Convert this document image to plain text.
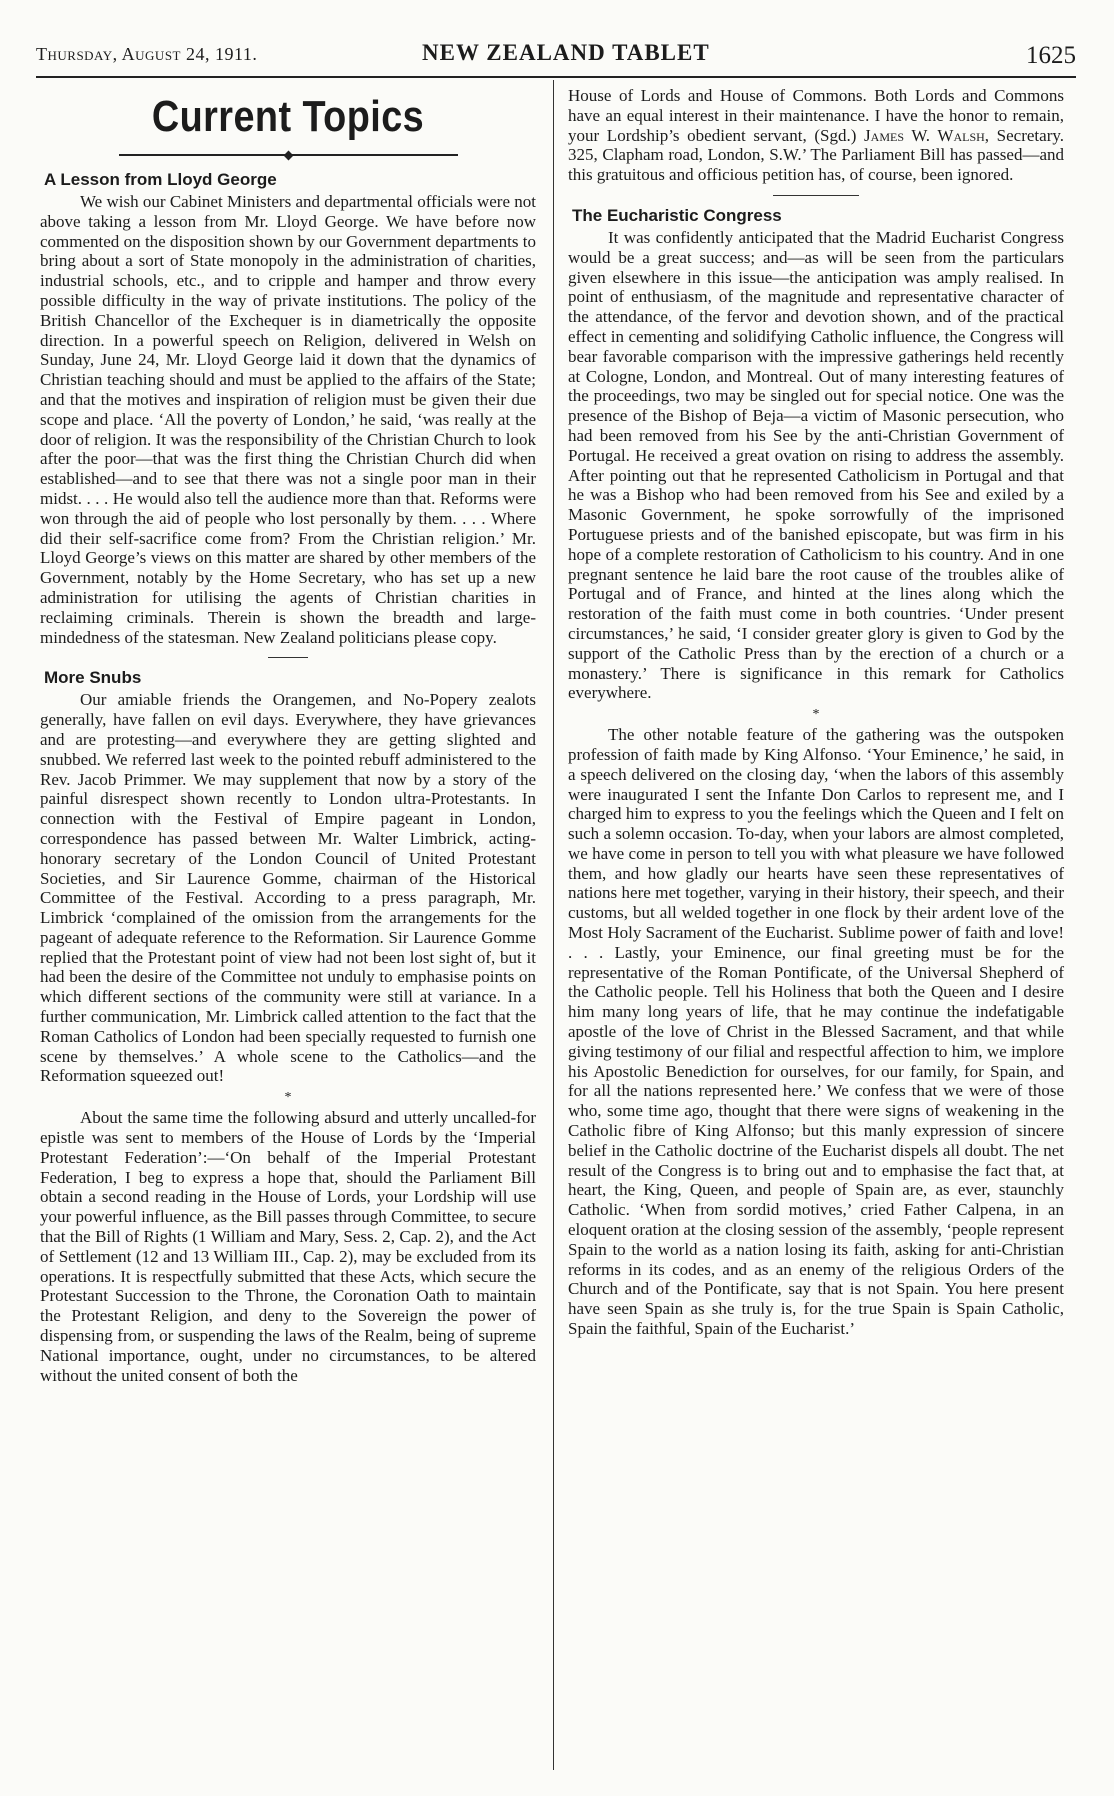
Thursday, August 24, 1911.	NEW ZEALAND TABLET	1625
Current Topics
A Lesson from Lloyd George

We wish our Cabinet Ministers and departmental officials were not above taking a lesson from Mr. Lloyd George. We have before now commented on the disposition shown by our Government departments to bring about a sort of State monopoly in the administration of charities, industrial schools, etc., and to cripple and hamper and throw every possible difficulty in the way of private institutions. The policy of the British Chancellor of the Exchequer is in diametrically the opposite direction. In a powerful speech on Religion, delivered in Welsh on Sunday, June 24, Mr. Lloyd George laid it down that the dynamics of Christian teaching should and must be applied to the affairs of the State; and that the motives and inspiration of religion must be given their due scope and place. ‘All the poverty of London,’ he said, ‘was really at the door of religion. It was the responsibility of the Christian Church to look after the poor—that was the first thing the Christian Church did when established—and to see that there was not a single poor man in their midst. . . . He would also tell the audience more than that. Reforms were won through the aid of people who lost personally by them. . . . Where did their self-sacrifice come from? From the Christian religion.’ Mr. Lloyd George’s views on this matter are shared by other members of the Government, notably by the Home Secretary, who has set up a new administration for utilising the agents of Christian charities in reclaiming criminals. Therein is shown the breadth and large-mindedness of the statesman. New Zealand politicians please copy.

More Snubs

Our amiable friends the Orangemen, and No-Popery zealots generally, have fallen on evil days. Everywhere, they have grievances and are protesting—and everywhere they are getting slighted and snubbed. We referred last week to the pointed rebuff administered to the Rev. Jacob Primmer. We may supplement that now by a story of the painful disrespect shown recently to London ultra-Protestants. In connection with the Festival of Empire pageant in London, correspondence has passed between Mr. Walter Limbrick, acting-honorary secretary of the London Council of United Protestant Societies, and Sir Laurence Gomme, chairman of the Historical Committee of the Festival. According to a press paragraph, Mr. Limbrick ‘complained of the omission from the arrangements for the pageant of adequate reference to the Reformation. Sir Laurence Gomme replied that the Protestant point of view had not been lost sight of, but it had been the desire of the Committee not unduly to emphasise points on which different sections of the community were still at variance. In a further communication, Mr. Limbrick called attention to the fact that the Roman Catholics of London had been specially requested to furnish one scene by themselves.’ A whole scene to the Catholics—and the Reformation squeezed out!

*

About the same time the following absurd and utterly uncalled-for epistle was sent to members of the House of Lords by the ‘Imperial Protestant Federation’:—‘On behalf of the Imperial Protestant Federation, I beg to express a hope that, should the Parliament Bill obtain a second reading in the House of Lords, your Lordship will use your powerful influence, as the Bill passes through Committee, to secure that the Bill of Rights (1 William and Mary, Sess. 2, Cap. 2), and the Act of Settlement (12 and 13 William III., Cap. 2), may be excluded from its operations. It is respectfully submitted that these Acts, which secure the Protestant Succession to the Throne, the Coronation Oath to maintain the Protestant Religion, and deny to the Sovereign the power of dispensing from, or suspending the laws of the Realm, being of supreme National importance, ought, under no circumstances, to be altered without the united consent of both the

House of Lords and House of Commons. Both Lords and Commons have an equal interest in their maintenance. I have the honor to remain, your Lordship’s obedient servant, (Sgd.) James W. Walsh, Secretary. 325, Clapham road, London, S.W.’ The Parliament Bill has passed—and this gratuitous and officious petition has, of course, been ignored.

The Eucharistic Congress

It was confidently anticipated that the Madrid Eucharist Congress would be a great success; and—as will be seen from the particulars given elsewhere in this issue—the anticipation was amply realised. In point of enthusiasm, of the magnitude and representative character of the attendance, of the fervor and devotion shown, and of the practical effect in cementing and solidifying Catholic influence, the Congress will bear favorable comparison with the impressive gatherings held recently at Cologne, London, and Montreal. Out of many interesting features of the proceedings, two may be singled out for special notice. One was the presence of the Bishop of Beja—a victim of Masonic persecution, who had been removed from his See by the anti-Christian Government of Portugal. He received a great ovation on rising to address the assembly. After pointing out that he represented Catholicism in Portugal and that he was a Bishop who had been removed from his See and exiled by a Masonic Government, he spoke sorrowfully of the imprisoned Portuguese priests and of the banished episcopate, but was firm in his hope of a complete restoration of Catholicism to his country. And in one pregnant sentence he laid bare the root cause of the troubles alike of Portugal and of France, and hinted at the lines along which the restoration of the faith must come in both countries. ‘Under present circumstances,’ he said, ‘I consider greater glory is given to God by the support of the Catholic Press than by the erection of a church or a monastery.’ There is significance in this remark for Catholics everywhere.

*

The other notable feature of the gathering was the outspoken profession of faith made by King Alfonso. ‘Your Eminence,’ he said, in a speech delivered on the closing day, ‘when the labors of this assembly were inaugurated I sent the Infante Don Carlos to represent me, and I charged him to express to you the feelings which the Queen and I felt on such a solemn occasion. To-day, when your labors are almost completed, we have come in person to tell you with what pleasure we have followed them, and how gladly our hearts have seen these representatives of nations here met together, varying in their history, their speech, and their customs, but all welded together in one flock by their ardent love of the Most Holy Sacrament of the Eucharist. Sublime power of faith and love! . . . Lastly, your Eminence, our final greeting must be for the representative of the Roman Pontificate, of the Universal Shepherd of the Catholic people. Tell his Holiness that both the Queen and I desire him many long years of life, that he may continue the indefatigable apostle of the love of Christ in the Blessed Sacrament, and that while giving testimony of our filial and respectful affection to him, we implore his Apostolic Benediction for ourselves, for our family, for Spain, and for all the nations represented here.’ We confess that we were of those who, some time ago, thought that there were signs of weakening in the Catholic fibre of King Alfonso; but this manly expression of sincere belief in the Catholic doctrine of the Eucharist dispels all doubt. The net result of the Congress is to bring out and to emphasise the fact that, at heart, the King, Queen, and people of Spain are, as ever, staunchly Catholic. ‘When from sordid motives,’ cried Father Calpena, in an eloquent oration at the closing session of the assembly, ‘people represent Spain to the world as a nation losing its faith, asking for anti-Christian reforms in its codes, and as an enemy of the religious Orders of the Church and of the Pontificate, say that is not Spain. You here present have seen Spain as she truly is, for the true Spain is Spain Catholic, Spain the faithful, Spain of the Eucharist.’
